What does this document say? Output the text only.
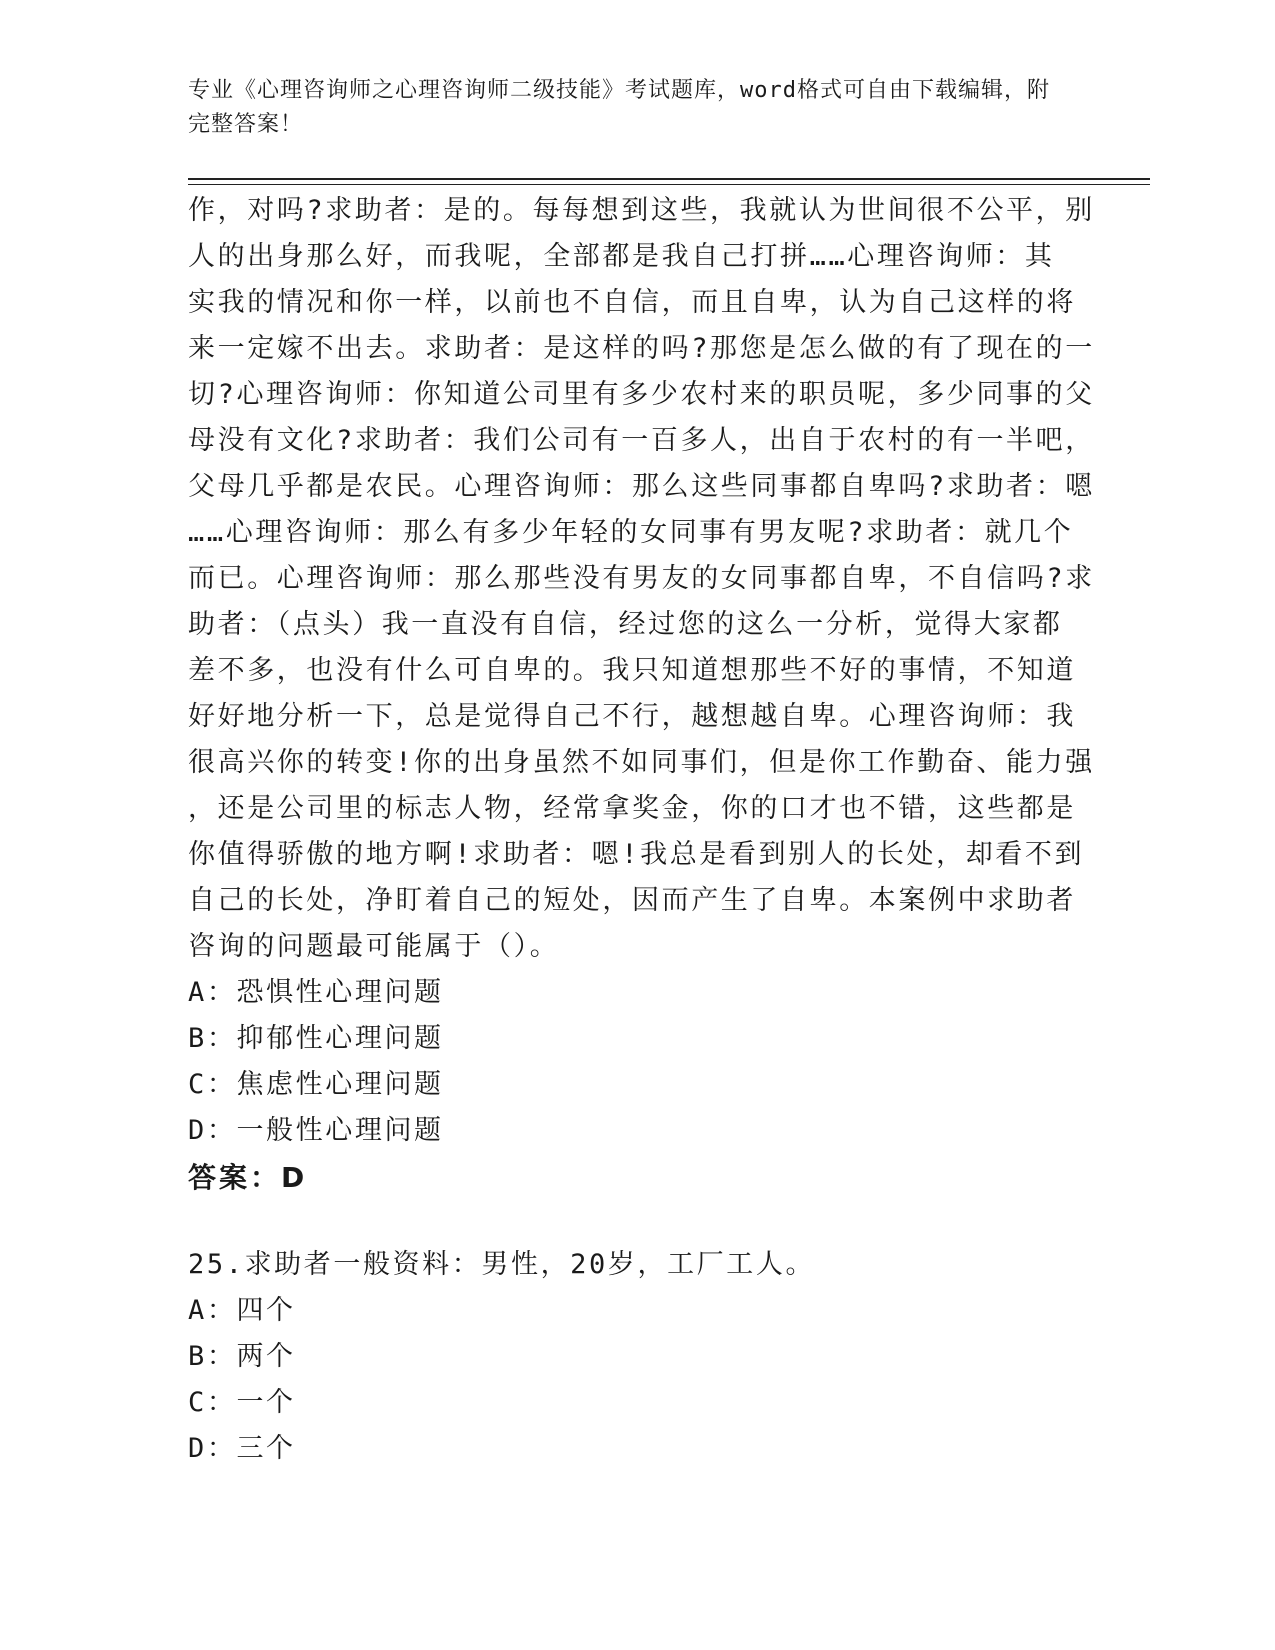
专业《心理咨询师之心理咨询师二级技能》考试题库，word格式可自由下载编辑，附完整答案！
作，对吗?求助者：是的。每每想到这些，我就认为世间很不公平，别
人的出身那么好，而我呢，全部都是我自己打拼……心理咨询师：其
实我的情况和你一样，以前也不自信，而且自卑，认为自己这样的将
来一定嫁不出去。求助者：是这样的吗?那您是怎么做的有了现在的一
切?心理咨询师：你知道公司里有多少农村来的职员呢，多少同事的父
母没有文化?求助者：我们公司有一百多人，出自于农村的有一半吧，
父母几乎都是农民。心理咨询师：那么这些同事都自卑吗?求助者：嗯
……心理咨询师：那么有多少年轻的女同事有男友呢?求助者：就几个
而已。心理咨询师：那么那些没有男友的女同事都自卑，不自信吗?求
助者：（点头）我一直没有自信，经过您的这么一分析，觉得大家都
差不多，也没有什么可自卑的。我只知道想那些不好的事情，不知道
好好地分析一下，总是觉得自己不行，越想越自卑。心理咨询师：我
很高兴你的转变!你的出身虽然不如同事们，但是你工作勤奋、能力强
，还是公司里的标志人物，经常拿奖金，你的口才也不错，这些都是
你值得骄傲的地方啊!求助者：嗯!我总是看到别人的长处，却看不到
自己的长处，净盯着自己的短处，因而产生了自卑。本案例中求助者
咨询的问题最可能属于（）。
A：恐惧性心理问题
B：抑郁性心理问题
C：焦虑性心理问题
D：一般性心理问题
答案：D
25.求助者一般资料：男性，20岁，工厂工人。
A：四个
B：两个
C：一个
D：三个
